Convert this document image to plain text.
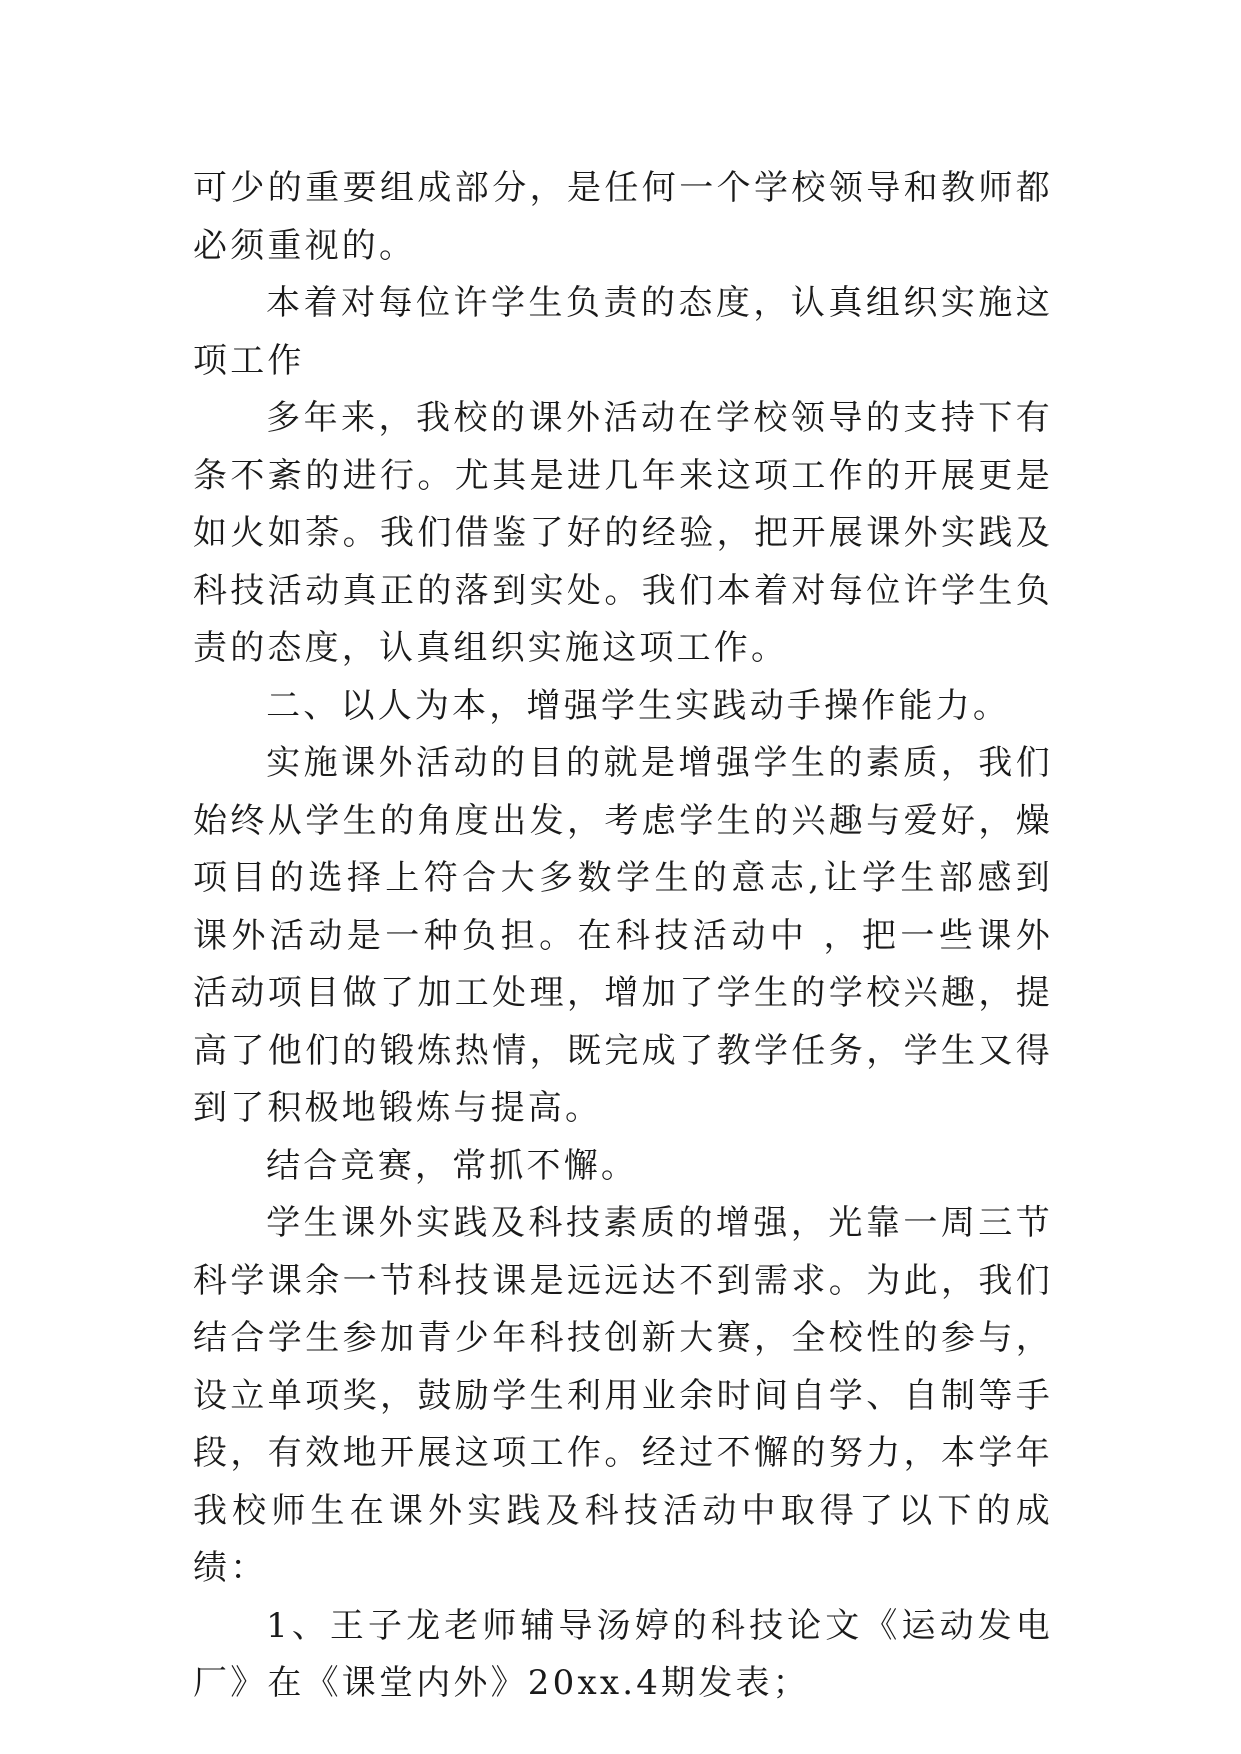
可少的重要组成部分，是任何一个学校领导和教师都必须重视的。

本着对每位许学生负责的态度，认真组织实施这项工作

多年来，我校的课外活动在学校领导的支持下有条不紊的进行。尤其是进几年来这项工作的开展更是如火如荼。我们借鉴了好的经验，把开展课外实践及科技活动真正的落到实处。我们本着对每位许学生负责的态度，认真组织实施这项工作。

二、以人为本，增强学生实践动手操作能力。

实施课外活动的目的就是增强学生的素质，我们始终从学生的角度出发，考虑学生的兴趣与爱好，燥项目的选择上符合大多数学生的意志,让学生部感到课外活动是一种负担。在科技活动中 ，把一些课外活动项目做了加工处理，增加了学生的学校兴趣，提高了他们的锻炼热情，既完成了教学任务，学生又得到了积极地锻炼与提高。

结合竞赛，常抓不懈。

学生课外实践及科技素质的增强，光靠一周三节科学课余一节科技课是远远达不到需求。为此，我们结合学生参加青少年科技创新大赛，全校性的参与，设立单项奖，鼓励学生利用业余时间自学、自制等手段，有效地开展这项工作。经过不懈的努力，本学年我校师生在课外实践及科技活动中取得了以下的成绩：

1、王子龙老师辅导汤婷的科技论文《运动发电厂》在《课堂内外》20xx.4期发表；
